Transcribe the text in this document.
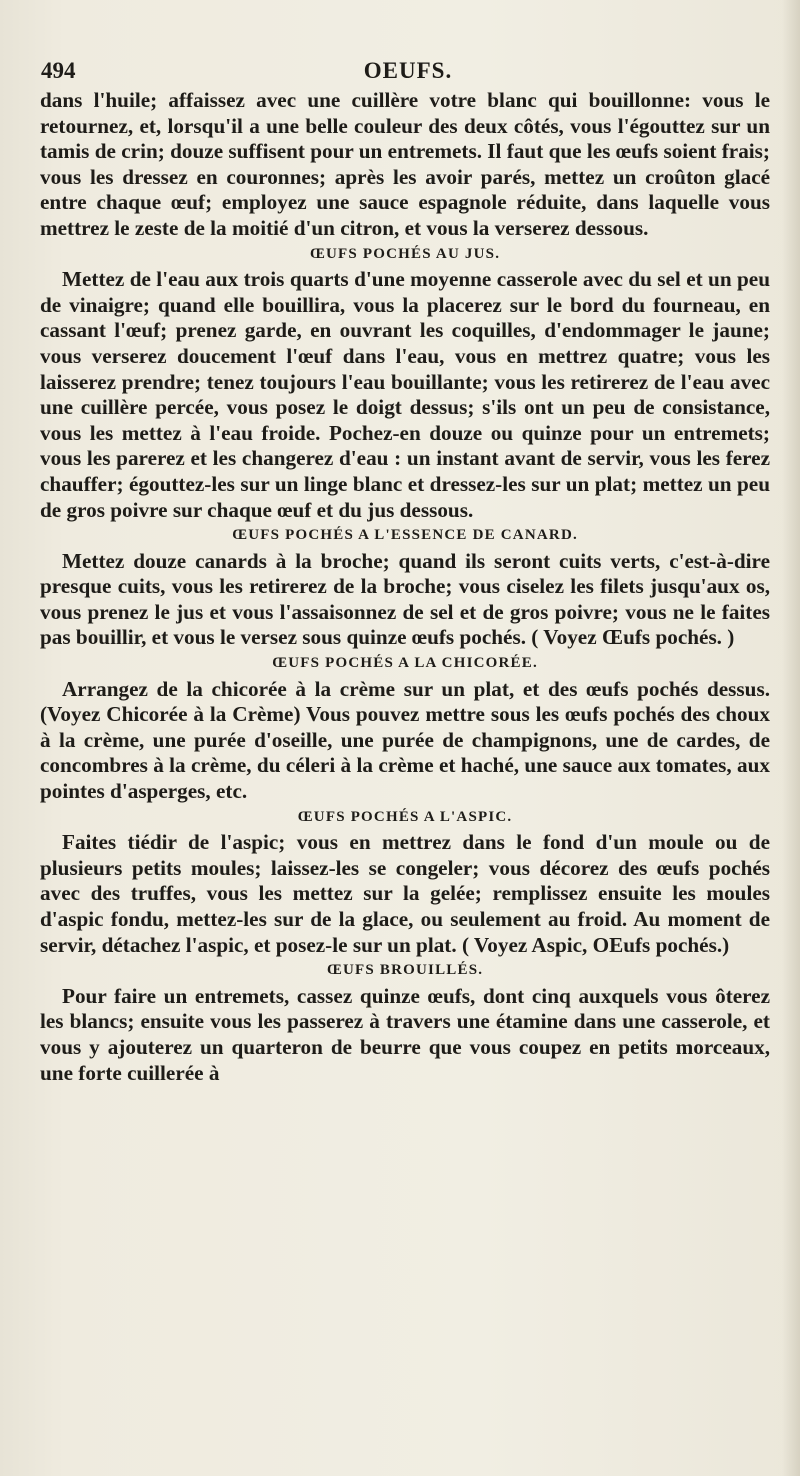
494	OEUFS.

dans l'huile; affaissez avec une cuillère votre blanc qui bouillonne: vous le retournez, et, lorsqu'il a une belle couleur des deux côtés, vous l'égouttez sur un tamis de crin; douze suffisent pour un entremets. Il faut que les œufs soient frais; vous les dressez en couronnes; après les avoir parés, mettez un croûton glacé entre chaque œuf; employez une sauce espagnole réduite, dans laquelle vous mettrez le zeste de la moitié d'un citron, et vous la verserez dessous.

ŒUFS POCHÉS AU JUS.

Mettez de l'eau aux trois quarts d'une moyenne casserole avec du sel et un peu de vinaigre; quand elle bouillira, vous la placerez sur le bord du fourneau, en cassant l'œuf; prenez garde, en ouvrant les coquilles, d'endommager le jaune; vous verserez doucement l'œuf dans l'eau, vous en mettrez quatre; vous les laisserez prendre; tenez toujours l'eau bouillante; vous les retirerez de l'eau avec une cuillère percée, vous posez le doigt dessus; s'ils ont un peu de consistance, vous les mettez à l'eau froide. Pochez-en douze ou quinze pour un entremets; vous les parerez et les changerez d'eau : un instant avant de servir, vous les ferez chauffer; égouttez-les sur un linge blanc et dressez-les sur un plat; mettez un peu de gros poivre sur chaque œuf et du jus dessous.

ŒUFS POCHÉS A L'ESSENCE DE CANARD.

Mettez douze canards à la broche; quand ils seront cuits verts, c'est-à-dire presque cuits, vous les retirerez de la broche; vous ciselez les filets jusqu'aux os, vous prenez le jus et vous l'assaisonnez de sel et de gros poivre; vous ne le faites pas bouillir, et vous le versez sous quinze œufs pochés. ( Voyez Œufs pochés. )

ŒUFS POCHÉS A LA CHICORÉE.

Arrangez de la chicorée à la crème sur un plat, et des œufs pochés dessus. (Voyez Chicorée à la Crème) Vous pouvez mettre sous les œufs pochés des choux à la crème, une purée d'oseille, une purée de champignons, une de cardes, de concombres à la crème, du céleri à la crème et haché, une sauce aux tomates, aux pointes d'asperges, etc.

ŒUFS POCHÉS A L'ASPIC.

Faites tiédir de l'aspic; vous en mettrez dans le fond d'un moule ou de plusieurs petits moules; laissez-les se congeler; vous décorez des œufs pochés avec des truffes, vous les mettez sur la gelée; remplissez ensuite les moules d'aspic fondu, mettez-les sur de la glace, ou seulement au froid. Au moment de servir, détachez l'aspic, et posez-le sur un plat. ( Voyez Aspic, OEufs pochés.)

ŒUFS BROUILLÉS.

Pour faire un entremets, cassez quinze œufs, dont cinq auxquels vous ôterez les blancs; ensuite vous les passerez à travers une étamine dans une casserole, et vous y ajouterez un quarteron de beurre que vous coupez en petits morceaux, une forte cuillerée à
